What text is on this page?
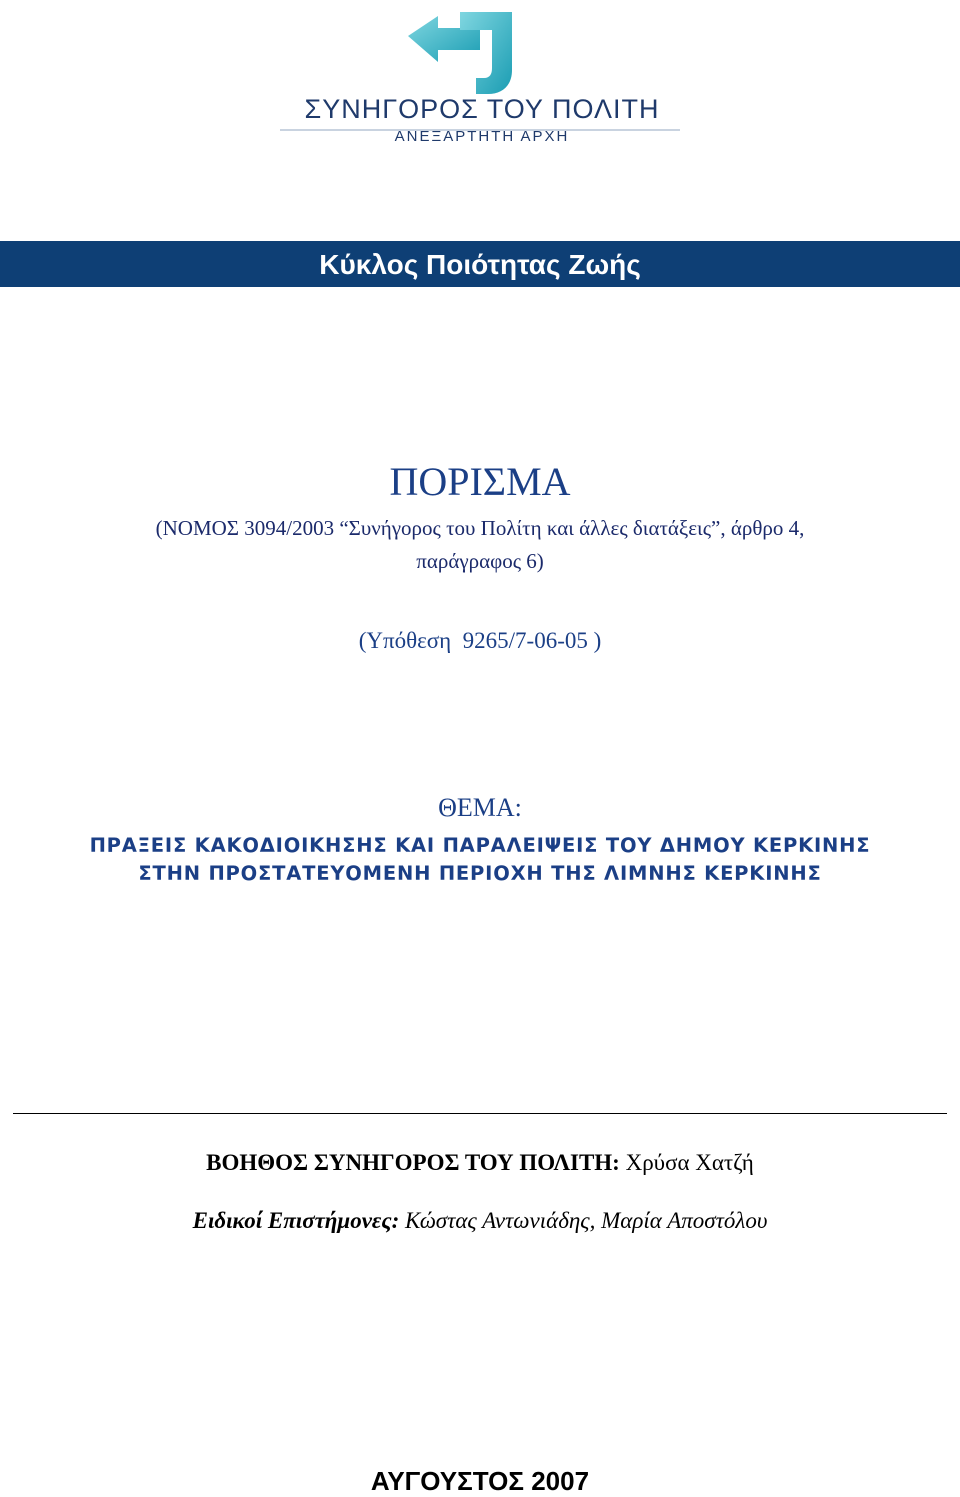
ΣΥΝΗΓΟΡΟΣ ΤΟΥ ΠΟΛΙΤΗ
ΑΝΕΞΑΡΤΗΤΗ ΑΡΧΗ
Κύκλος Ποιότητας Ζωής
ΠΟΡΙΣΜΑ
(ΝΟΜΟΣ 3094/2003 “Συνήγορος του Πολίτη και άλλες διατάξεις”, άρθρο 4,
παράγραφος 6)
(Υπόθεση 9265/7-06-05 )
ΘΕΜΑ:
ΠΡΑΞΕΙΣ ΚΑΚΟΔΙΟΙΚΗΣΗΣ ΚΑΙ ΠΑΡΑΛΕΙΨΕΙΣ ΤΟΥ ΔΗΜΟΥ ΚΕΡΚΙΝΗΣ
ΣΤΗΝ ΠΡΟΣΤΑΤΕΥΟΜΕΝΗ ΠΕΡΙΟΧΗ ΤΗΣ ΛΙΜΝΗΣ ΚΕΡΚΙΝΗΣ
ΒΟΗΘΟΣ ΣΥΝΗΓΟΡΟΣ ΤΟΥ ΠΟΛΙΤΗ: Χρύσα Χατζή
Ειδικοί Επιστήμονες: Κώστας Αντωνιάδης, Μαρία Αποστόλου
ΑΥΓΟΥΣΤΟΣ 2007
